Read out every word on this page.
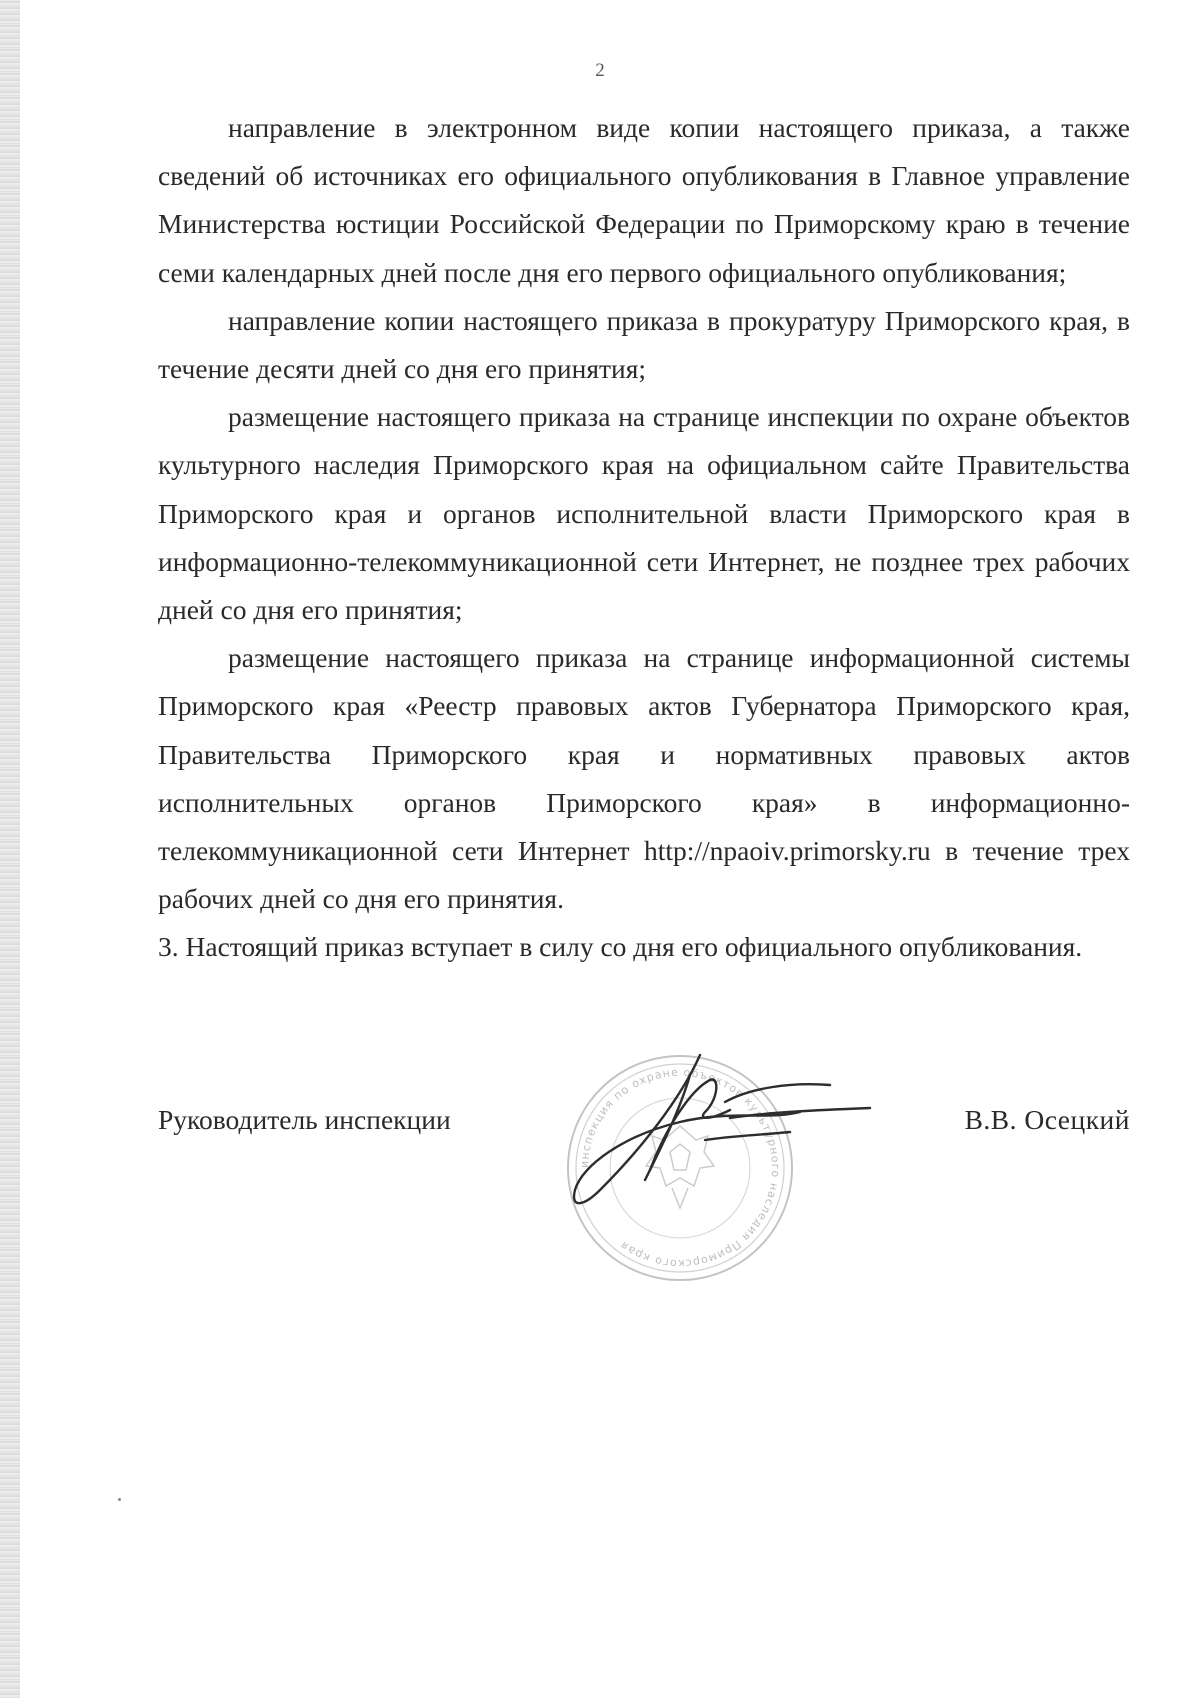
2

направление в электронном виде копии настоящего приказа, а также сведений об источниках его официального опубликования в Главное управление Министерства юстиции Российской Федерации по Приморскому краю в течение семи календарных дней после дня его первого официального опубликования;

направление копии настоящего приказа в прокуратуру Приморского края, в течение десяти дней со дня его принятия;

размещение настоящего приказа на странице инспекции по охране объектов культурного наследия Приморского края на официальном сайте Правительства Приморского края и органов исполнительной власти Приморского края в информационно-телекоммуникационной сети Интернет, не позднее трех рабочих дней со дня его принятия;

размещение настоящего приказа на странице информационной системы Приморского края «Реестр правовых актов Губернатора Приморского края, Правительства Приморского края и нормативных правовых актов исполнительных органов Приморского края» в информационно-телекоммуникационной сети Интернет http://npaoiv.primorsky.ru в течение трех рабочих дней со дня его принятия.

3. Настоящий приказ вступает в силу со дня его официального опубликования.

инспекция по охране объектов культурного наследия Приморского края
Руководитель инспекции	В.В. Осецкий
